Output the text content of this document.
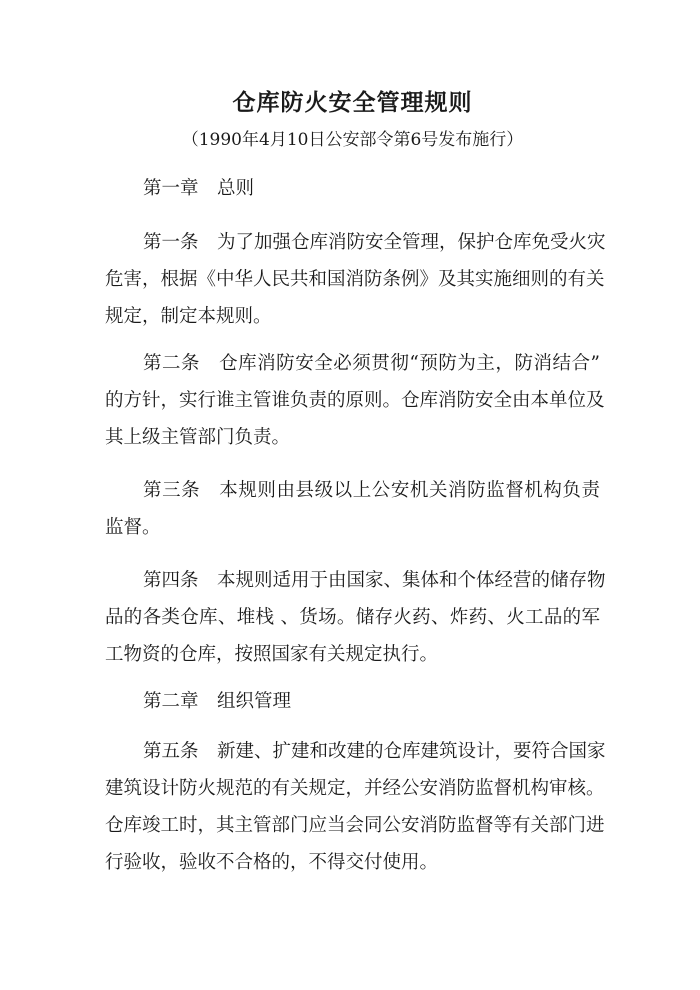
仓库防火安全管理规则
（1990年4月10日公安部令第6号发布施行）
第一章　总则
第一条　为了加强仓库消防安全管理，保护仓库免受火灾
危害，根据《中华人民共和国消防条例》及其实施细则的有关
规定，制定本规则。
第二条　仓库消防安全必须贯彻“预防为主，防消结合”
的方针，实行谁主管谁负责的原则。仓库消防安全由本单位及
其上级主管部门负责。
第三条　本规则由县级以上公安机关消防监督机构负责
监督。
第四条　本规则适用于由国家、集体和个体经营的储存物
品的各类仓库、堆栈 、货场。储存火药、炸药、火工品的军
工物资的仓库，按照国家有关规定执行。
第二章　组织管理
第五条　新建、扩建和改建的仓库建筑设计，要符合国家
建筑设计防火规范的有关规定，并经公安消防监督机构审核。
仓库竣工时，其主管部门应当会同公安消防监督等有关部门进
行验收，验收不合格的，不得交付使用。
